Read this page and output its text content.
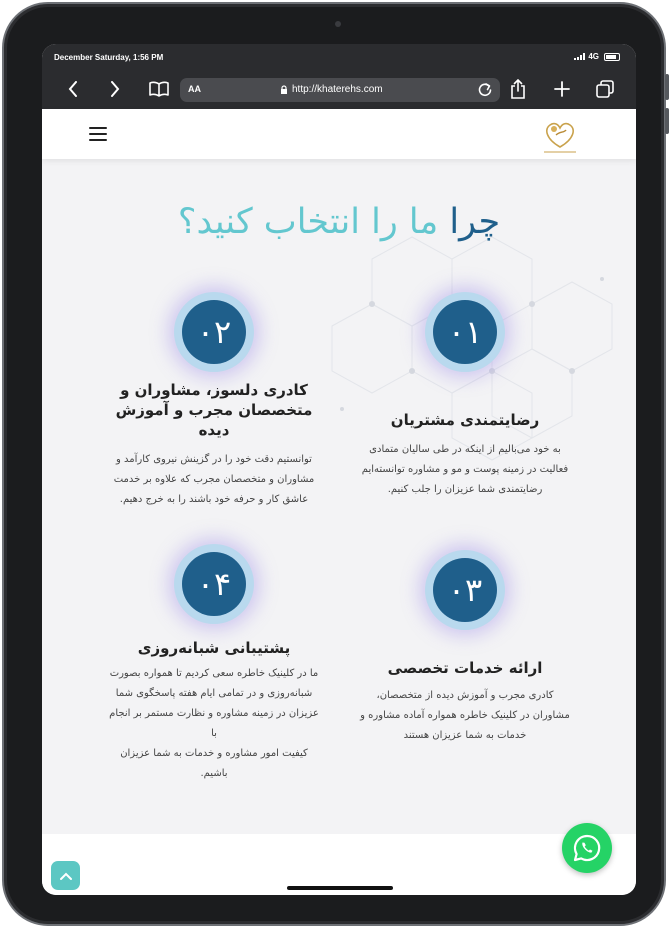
December Saturday, 1:56 PM	4G
AA	http://khaterehs.com
چرا ما را انتخاب کنید؟
۰۱
رضایتمندی مشتریان
به خود می‌بالیم از اینکه در طی سالیان متمادی
فعالیت در زمینه پوست و مو و مشاوره توانسته‌ایم
رضایتمندی شما عزیزان را جلب کنیم.
۰۲
کادری دلسوز، مشاوران و
متخصصان مجرب و آموزش
دیده
توانستیم دقت خود را در گزینش نیروی کارآمد و
مشاوران و متخصصان مجرب که علاوه بر خدمت
عاشق کار و حرفه خود باشند را به خرج دهیم.
۰۳
ارائه خدمات تخصصی
کادری مجرب و آموزش دیده از متخصصان،
مشاوران در کلینیک خاطره همواره آماده مشاوره و
خدمات به شما عزیزان هستند
۰۴
پشتیبانی شبانه‌روزی
ما در کلینیک خاطره سعی کردیم تا همواره بصورت
شبانه‌روزی و در تمامی ایام هفته پاسخگوی شما
عزیزان در زمینه مشاوره و نظارت مستمر بر انجام با
کیفیت امور مشاوره و خدمات به شما عزیزان باشیم.
